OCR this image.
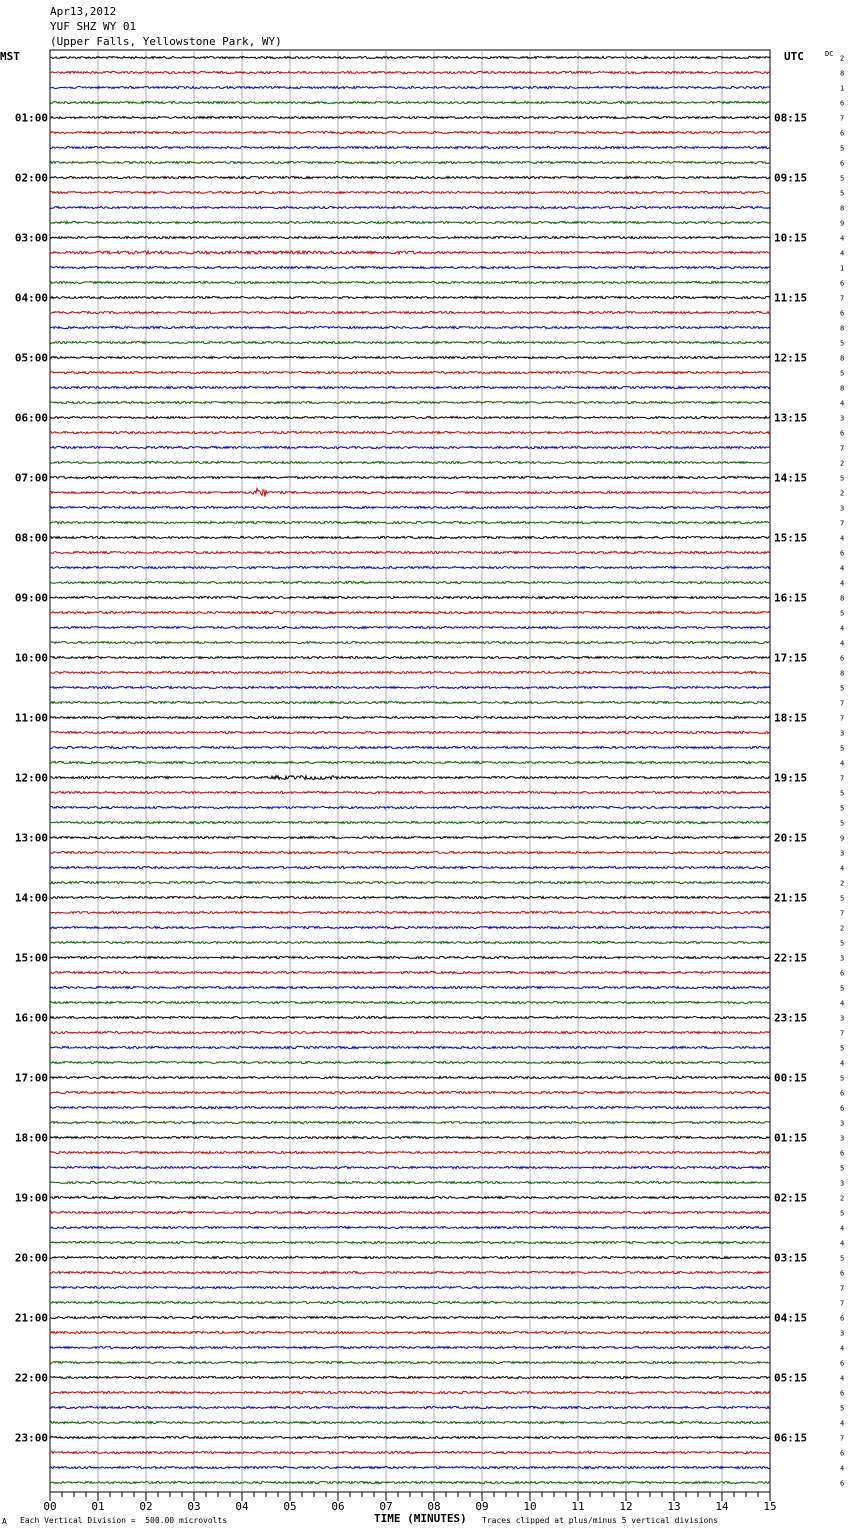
Apr13,2012
YUF SHZ WY 01
(Upper Falls, Yellowstone Park, WY)
MST	UTC	DC
00	01	02	03	04	05	06	07	08	09	10	11	12	13	14	15
2
8
1
6
7
6
5
6
5
5
8
9
4
4
1
6
7
6
8
5
8
5
8
4
3
6
7
2
5
2
3
7
4
6
4
4
8
5
4
4
6
8
5
7
7
3
5
4
7
5
5
5
9
3
4
2
5
7
2
5
3
6
5
4
3
7
5
4
5
6
6
3
3
6
5
3
2
5
4
4
5
6
7
7
6
3
4
6
4
6
5
4
7
6
4
6
01:00
02:00
03:00
04:00
05:00
06:00
07:00
08:00
09:00
10:00
11:00
12:00
13:00
14:00
15:00
16:00
17:00
18:00
19:00
20:00
21:00
22:00
23:00
08:15
09:15
10:15
11:15
12:15
13:15
14:15
15:15
16:15
17:15
18:15
19:15
20:15
21:15
22:15
23:15
00:15
01:15
02:15
03:15
04:15
05:15
06:15
A Each Vertical Division =  500.00 microvolts	TIME (MINUTES) Traces clipped at plus/minus 5 vertical divisions
